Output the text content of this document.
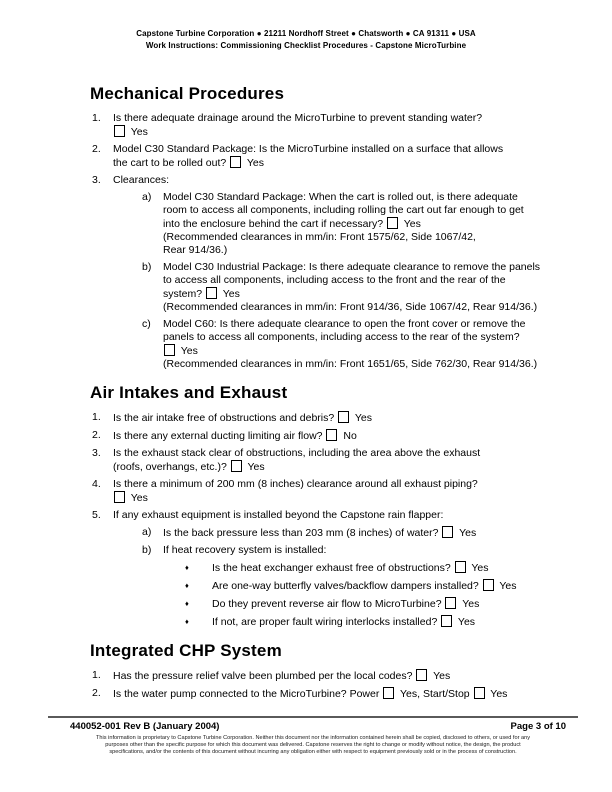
Capstone Turbine Corporation ● 21211 Nordhoff Street ● Chatsworth ● CA 91311 ● USA
Work Instructions: Commissioning Checklist Procedures - Capstone MicroTurbine
Mechanical Procedures
1.	Is there adequate drainage around the MicroTurbine to prevent standing water?
Yes
2.	Model C30 Standard Package: Is the MicroTurbine installed on a surface that allows
the cart to be rolled out?  Yes
3.	Clearances:
a)	Model C30 Standard Package: When the cart is rolled out, is there adequate
room to access all components, including rolling the cart out far enough to get
into the enclosure behind the cart if necessary?  Yes
(Recommended clearances in mm/in: Front 1575/62, Side 1067/42,
Rear 914/36.)
b)	Model C30 Industrial Package: Is there adequate clearance to remove the panels
to access all components, including access to the front and the rear of the
system?  Yes
(Recommended clearances in mm/in: Front 914/36, Side 1067/42, Rear 914/36.)
c)	Model C60: Is there adequate clearance to open the front cover or remove the
panels to access all components, including access to the rear of the system?
Yes
(Recommended clearances in mm/in: Front 1651/65, Side 762/30, Rear 914/36.)
Air Intakes and Exhaust
1.	Is the air intake free of obstructions and debris?  Yes
2.	Is there any external ducting limiting air flow?  No
3.	Is the exhaust stack clear of obstructions, including the area above the exhaust
(roofs, overhangs, etc.)?  Yes
4.	Is there a minimum of 200 mm (8 inches) clearance around all exhaust piping?
Yes
5.	If any exhaust equipment is installed beyond the Capstone rain flapper:
a)	Is the back pressure less than 203 mm (8 inches) of water?  Yes
b)	If heat recovery system is installed:
♦	Is the heat exchanger exhaust free of obstructions?  Yes
♦	Are one-way butterfly valves/backflow dampers installed?  Yes
♦	Do they prevent reverse air flow to MicroTurbine?  Yes
♦	If not, are proper fault wiring interlocks installed?  Yes
Integrated CHP System
1.	Has the pressure relief valve been plumbed per the local codes?  Yes
2.	Is the water pump connected to the MicroTurbine? Power  Yes, Start/Stop  Yes
440052-001 Rev B (January 2004)	Page 3 of 10
This information is proprietary to Capstone Turbine Corporation. Neither this document nor the information contained herein shall be copied, disclosed to others, or used for any
purposes other than the specific purpose for which this document was delivered. Capstone reserves the right to change or modify without notice, the design, the product
specifications, and/or the contents of this document without incurring any obligation either with respect to equipment previously sold or in the process of construction.
